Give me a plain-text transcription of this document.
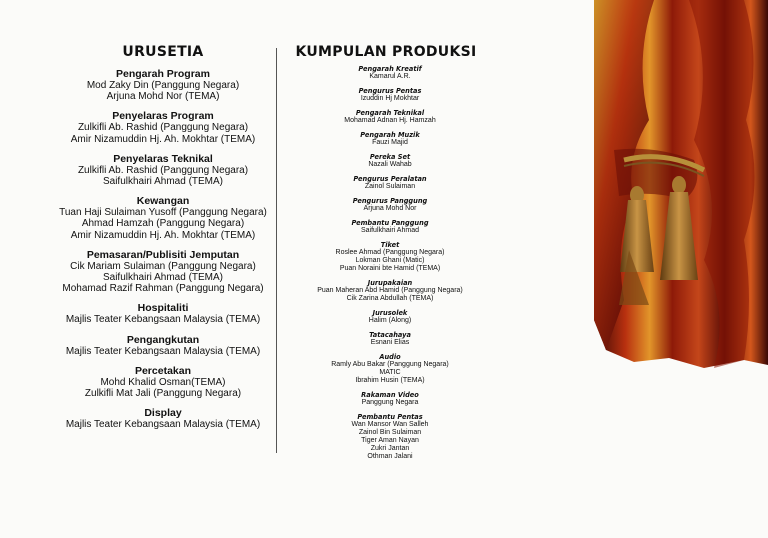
URUSETIA
Pengarah Program
Mod Zaky Din (Panggung Negara)
Arjuna Mohd Nor (TEMA)
Penyelaras Program
Zulkifli Ab. Rashid (Panggung Negara)
Amir Nizamuddin Hj. Ah. Mokhtar (TEMA)
Penyelaras Teknikal
Zulkifli Ab. Rashid (Panggung Negara)
Saifulkhairi Ahmad (TEMA)
Kewangan
Tuan Haji Sulaiman Yusoff (Panggung Negara)
Ahmad Hamzah (Panggung Negara)
Amir Nizamuddin Hj. Ah. Mokhtar (TEMA)
Pemasaran/Publisiti Jemputan
Cik Mariam Sulaiman (Panggung Negara)
Saifulkhairi Ahmad (TEMA)
Mohamad Razif Rahman (Panggung Negara)
Hospitaliti
Majlis Teater Kebangsaan Malaysia (TEMA)
Pengangkutan
Majlis Teater Kebangsaan Malaysia (TEMA)
Percetakan
Mohd Khalid Osman(TEMA)
Zulkifli Mat Jali (Panggung Negara)
Display
Majlis Teater Kebangsaan Malaysia (TEMA)
KUMPULAN PRODUKSI
Pengarah Kreatif
Kamarul A.R.
Pengurus Pentas
Izuddin Hj Mokhtar
Pengarah Teknikal
Mohamad Adnan Hj. Hamzah
Pengarah Muzik
Fauzi Majid
Pereka Set
Nazali Wahab
Pengurus Peralatan
Zainol Sulaiman
Pengurus Panggung
Arjuna Mohd Nor
Pembantu Panggung
Saifulkhairi Ahmad
Tiket
Roslee Ahmad (Panggung Negara)
Lokman Ghani (Matic)
Puan Noraini bte Hamid (TEMA)
Jurupakaian
Puan Maheran Abd Hamid (Panggung Negara)
Cik Zarina Abdullah (TEMA)
Jurusolek
Halim (Along)
Tatacahaya
Esnani Elias
Audio
Ramly Abu Bakar (Panggung Negara)
MATIC
Ibrahim Husin (TEMA)
Rakaman Video
Panggung Negara
Pembantu Pentas
Wan Mansor Wan Salleh
Zainol Bin Sulaiman
Tiger Aman Nayan
Zukri Jantan
Othman Jalani
